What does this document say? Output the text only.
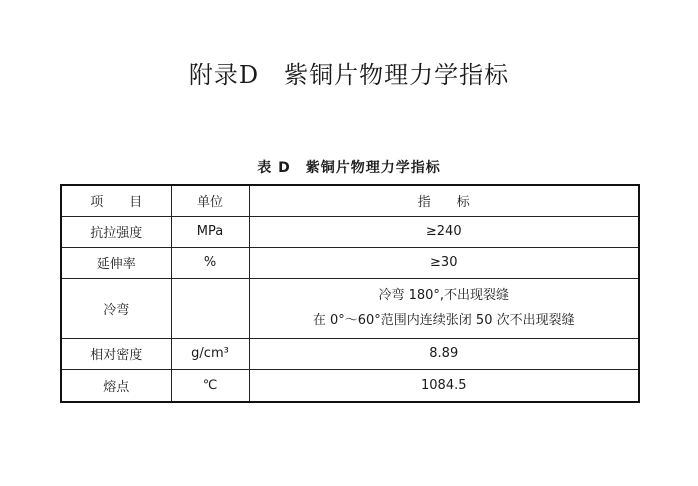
附录D　紫铜片物理力学指标
表 D　紫铜片物理力学指标
项　　目	单位	指　　标
抗拉强度	MPa	≥240
延伸率	%	≥30
冷弯		冷弯 180°,不出现裂缝
在 0°～60°范围内连续张闭 50 次不出现裂缝

相对密度	g/cm³	8.89
熔点	℃	1084.5
